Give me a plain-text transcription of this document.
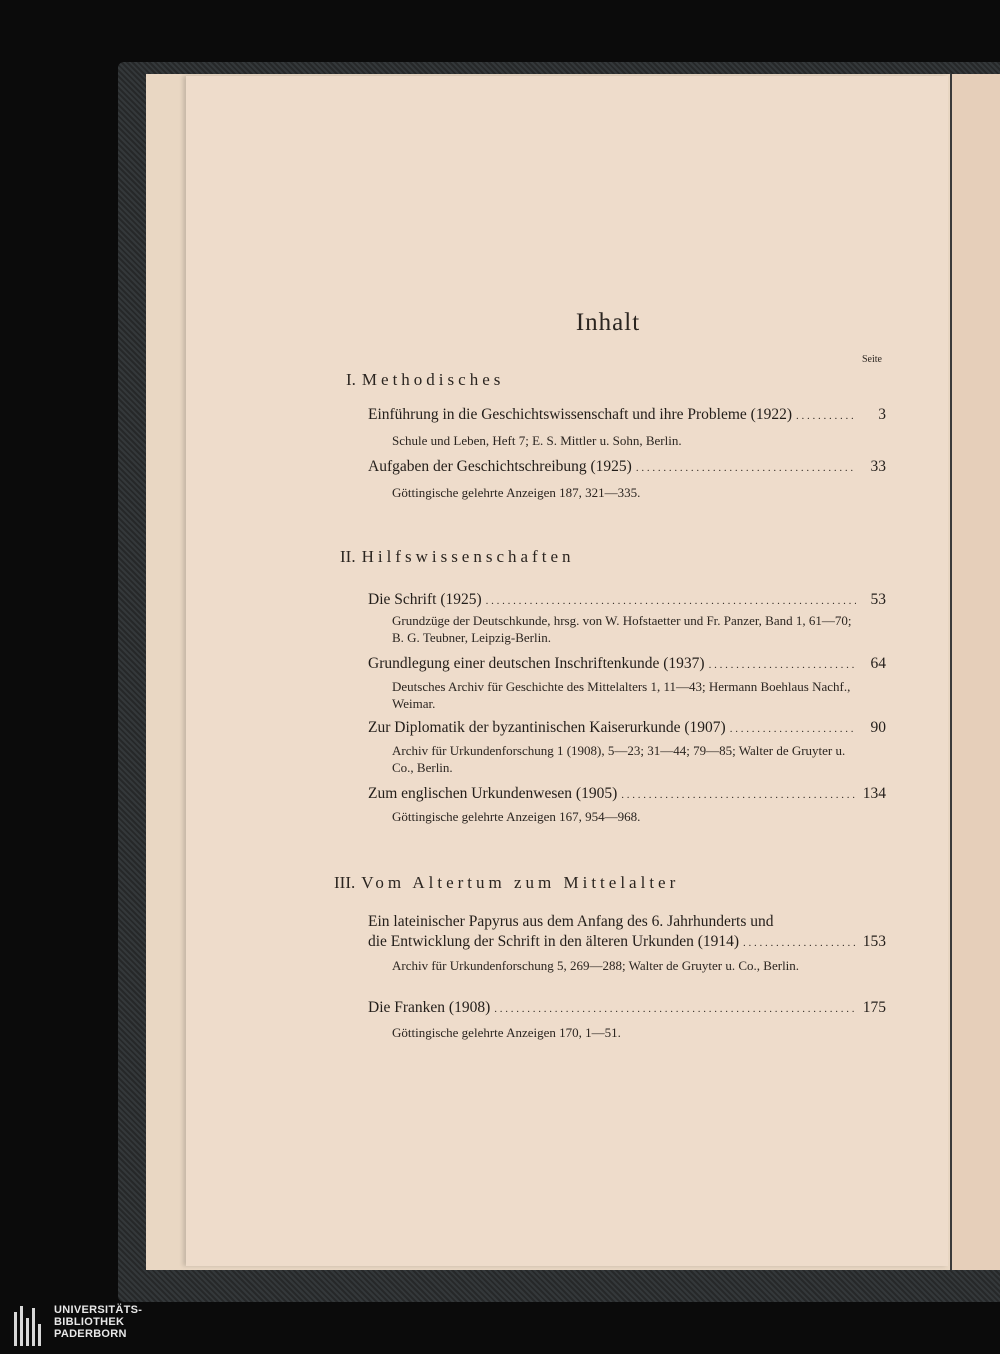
Inhalt
Seite
I. Methodisches
Einführung in die Geschichtswissenschaft und ihre Probleme (1922) . . .	3
Schule und Leben, Heft 7; E. S. Mittler u. Sohn, Berlin.
Aufgaben der Geschichtschreibung (1925) . . .	33
Göttingische gelehrte Anzeigen 187, 321—335.
II. Hilfswissenschaften
Die Schrift (1925) . . .	53
Grundzüge der Deutschkunde, hrsg. von W. Hofstaetter und Fr. Panzer, Band 1, 61—70; B. G. Teubner, Leipzig-Berlin.
Grundlegung einer deutschen Inschriftenkunde (1937) . . .	64
Deutsches Archiv für Geschichte des Mittelalters 1, 11—43; Hermann Boehlaus Nachf., Weimar.
Zur Diplomatik der byzantinischen Kaiserurkunde (1907) . . .	90
Archiv für Urkundenforschung 1 (1908), 5—23; 31—44; 79—85; Walter de Gruyter u. Co., Berlin.
Zum englischen Urkundenwesen (1905) . . .	134
Göttingische gelehrte Anzeigen 167, 954—968.
III. Vom Altertum zum Mittelalter
Ein lateinischer Papyrus aus dem Anfang des 6. Jahrhunderts und
die Entwicklung der Schrift in den älteren Urkunden (1914) . . .	153
Archiv für Urkundenforschung 5, 269—288; Walter de Gruyter u. Co., Berlin.
Die Franken (1908) . . .	175
Göttingische gelehrte Anzeigen 170, 1—51.
UNIVERSITÄTS-
BIBLIOTHEK
PADERBORN
